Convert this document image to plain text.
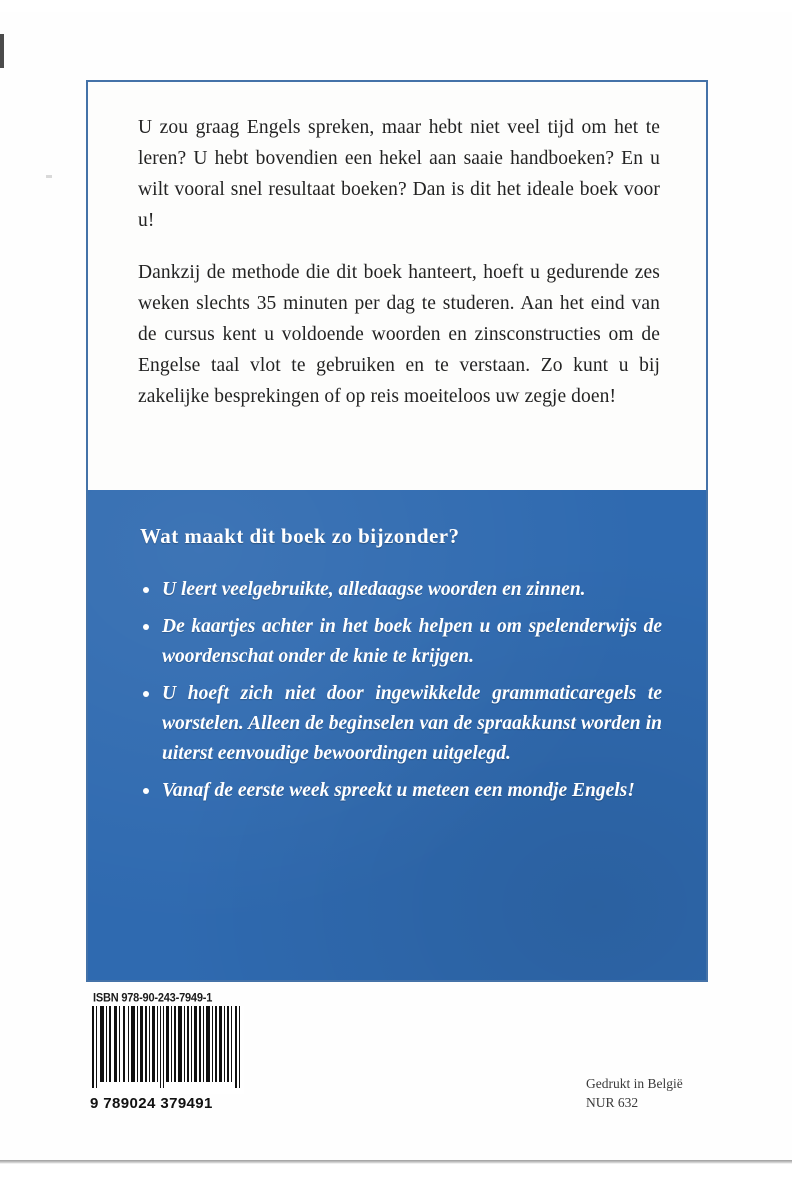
U zou graag Engels spreken, maar hebt niet veel tijd om het te leren? U hebt bovendien een hekel aan saaie handboeken? En u wilt vooral snel resultaat boeken? Dan is dit het ideale boek voor u!

Dankzij de methode die dit boek hanteert, hoeft u gedurende zes weken slechts 35 minuten per dag te studeren. Aan het eind van de cursus kent u voldoende woorden en zinsconstructies om de Engelse taal vlot te gebruiken en te verstaan. Zo kunt u bij zakelijke besprekingen of op reis moeiteloos uw zegje doen!

Wat maakt dit boek zo bijzonder?
U leert veelgebruikte, alledaagse woorden en zinnen.
De kaartjes achter in het boek helpen u om spelenderwijs de woordenschat onder de knie te krijgen.
U hoeft zich niet door ingewikkelde grammaticaregels te worstelen. Alleen de beginselen van de spraakkunst worden in uiterst eenvoudige bewoordingen uitgelegd.
Vanaf de eerste week spreekt u meteen een mondje Engels!
ISBN 978-90-243-7949-1
9 789024 379491
Gedrukt in België
NUR 632
